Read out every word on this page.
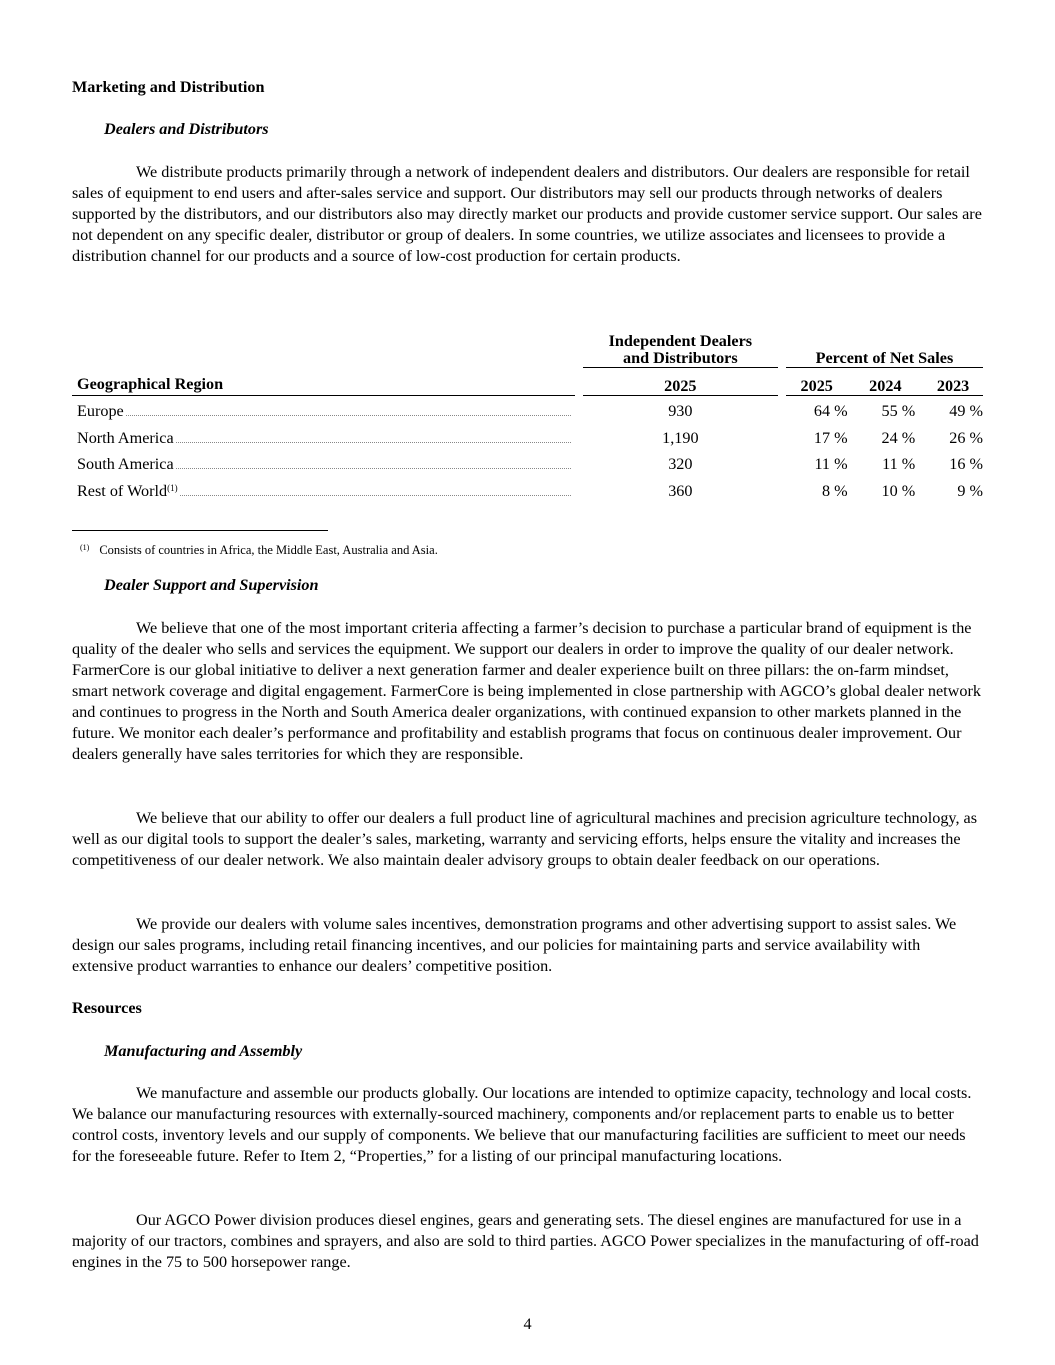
Marketing and Distribution
Dealers and Distributors

We distribute products primarily through a network of independent dealers and distributors. Our dealers are responsible for retail sales of equipment to end users and after-sales service and support. Our distributors may sell our products through networks of dealers supported by the distributors, and our distributors also may directly market our products and provide customer service support. Our sales are not dependent on any specific dealer, distributor or group of dealers. In some countries, we utilize associates and licensees to provide a distribution channel for our products and a source of low-cost production for certain products.

		Independent Dealers
and Distributors		Percent of Net Sales				
Geographical Region		2025		2025		2024		2023

Europe		930		64 %		55 %		49 %

North America		1,190		17 %		24 %		26 %

South America		320		11 %		11 %		16 %

Rest of World$^{(1)}$		360		8 %		10 %		9 %
$^{(1)}$ Consists of countries in Africa, the Middle East, Australia and Asia.
Dealer Support and Supervision

We believe that one of the most important criteria affecting a farmer’s decision to purchase a particular brand of equipment is the quality of the dealer who sells and services the equipment. We support our dealers in order to improve the quality of our dealer network. FarmerCore is our global initiative to deliver a next generation farmer and dealer experience built on three pillars: the on-farm mindset, smart network coverage and digital engagement. FarmerCore is being implemented in close partnership with AGCO’s global dealer network and continues to progress in the North and South America dealer organizations, with continued expansion to other markets planned in the future. We monitor each dealer’s performance and profitability and establish programs that focus on continuous dealer improvement. Our dealers generally have sales territories for which they are responsible.

We believe that our ability to offer our dealers a full product line of agricultural machines and precision agriculture technology, as well as our digital tools to support the dealer’s sales, marketing, warranty and servicing efforts, helps ensure the vitality and increases the competitiveness of our dealer network. We also maintain dealer advisory groups to obtain dealer feedback on our operations.

We provide our dealers with volume sales incentives, demonstration programs and other advertising support to assist sales. We design our sales programs, including retail financing incentives, and our policies for maintaining parts and service availability with extensive product warranties to enhance our dealers’ competitive position.

Resources
Manufacturing and Assembly

We manufacture and assemble our products globally. Our locations are intended to optimize capacity, technology and local costs. We balance our manufacturing resources with externally-sourced machinery, components and/or replacement parts to enable us to better control costs, inventory levels and our supply of components. We believe that our manufacturing facilities are sufficient to meet our needs for the foreseeable future. Refer to Item 2, “Properties,” for a listing of our principal manufacturing locations.

Our AGCO Power division produces diesel engines, gears and generating sets. The diesel engines are manufactured for use in a majority of our tractors, combines and sprayers, and also are sold to third parties. AGCO Power specializes in the manufacturing of off-road engines in the 75 to 500 horsepower range.

4
